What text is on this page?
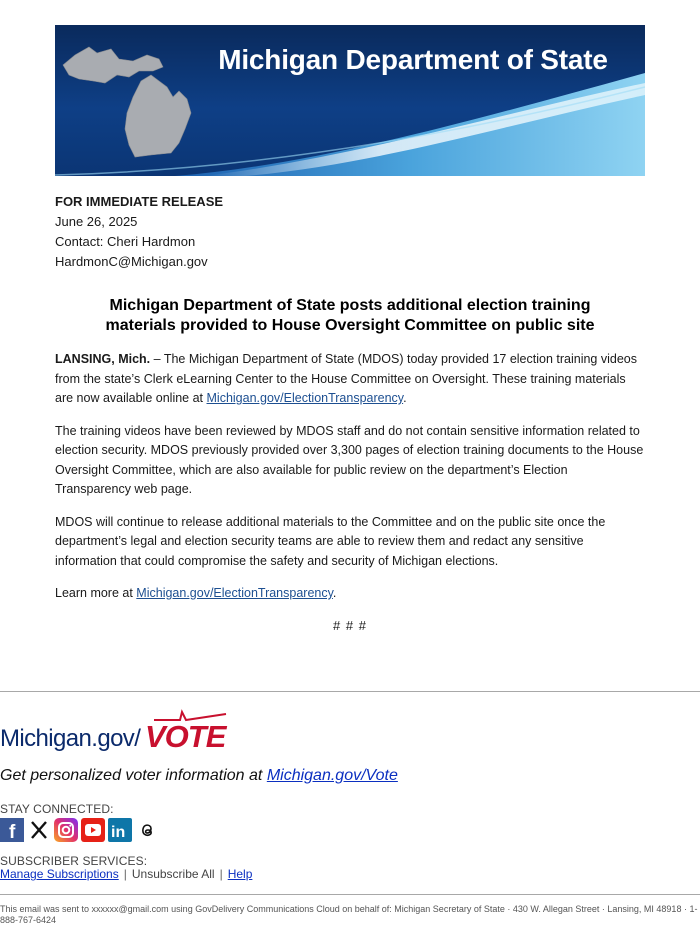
Michigan Department of State
FOR IMMEDIATE RELEASE
June 26, 2025
Contact: Cheri Hardmon
HardmonC@Michigan.gov
Michigan Department of State posts additional election training
materials provided to House Oversight Committee on public site

LANSING, Mich. – The Michigan Department of State (MDOS) today provided 17 election training videos from the state’s Clerk eLearning Center to the House Committee on Oversight. These training materials are now available online at Michigan.gov/ElectionTransparency.

The training videos have been reviewed by MDOS staff and do not contain sensitive information related to election security. MDOS previously provided over 3,300 pages of election training documents to the House Oversight Committee, which are also available for public review on the department’s Election Transparency web page.

MDOS will continue to release additional materials to the Committee and on the public site once the department’s legal and election security teams are able to review them and redact any sensitive information that could compromise the safety and security of Michigan elections.

Learn more at Michigan.gov/ElectionTransparency.

# # #
Michigan.gov/ VOTE
Get personalized voter information at Michigan.gov/Vote
STAY CONNECTED:
f	in
SUBSCRIBER SERVICES:
Manage Subscriptions | Unsubscribe All | Help
This email was sent to xxxxxx@gmail.com using GovDelivery Communications Cloud on behalf of: Michigan Secretary of State · 430 W. Allegan Street · Lansing, MI 48918 · 1-888-767-6424
